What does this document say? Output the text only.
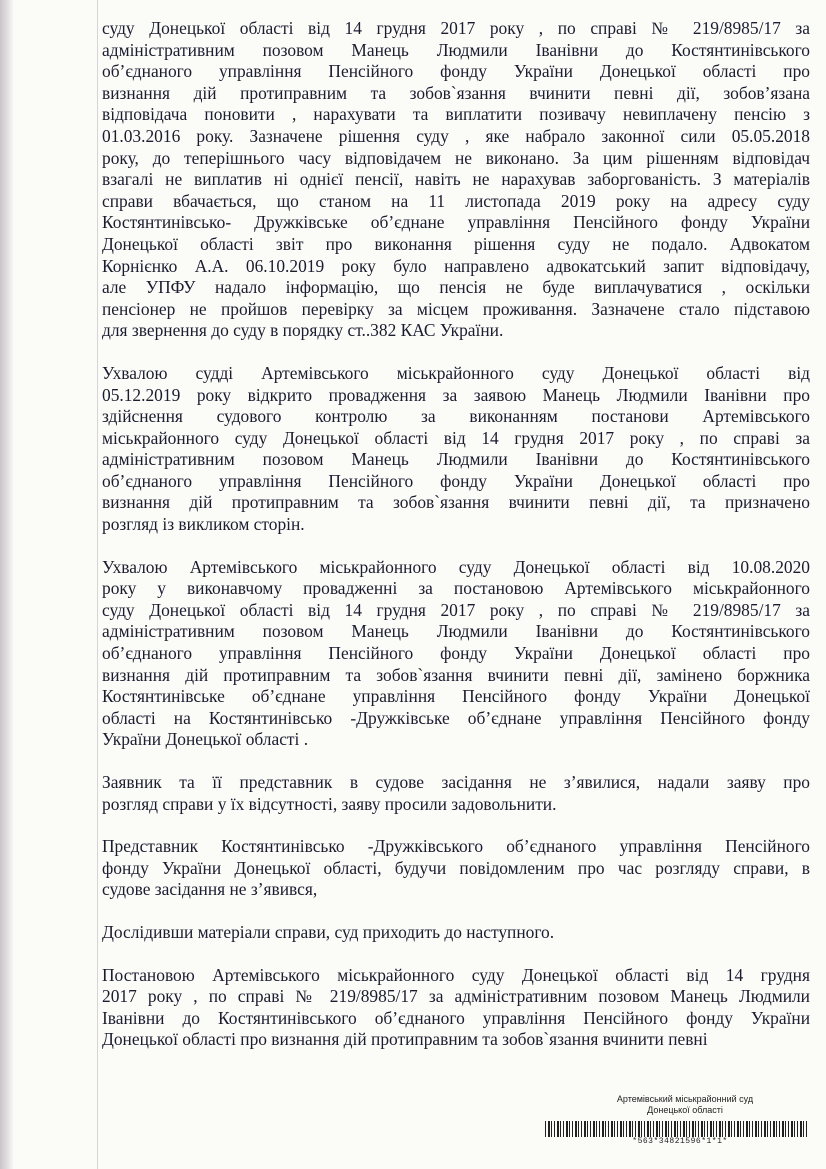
суду Донецької області від 14 грудня 2017 року , по справі № 219/8985/17 за
адміністративним позовом Манець Людмили Іванівни до Костянтинівського
об’єднаного управління Пенсійного фонду України Донецької області про
визнання дій протиправним та зобов`язання вчинити певні дії, зобов’язана
відповідача поновити , нарахувати та виплатити позивачу невиплачену пенсію з
01.03.2016 року. Зазначене рішення суду , яке набрало законної сили 05.05.2018
року, до теперішнього часу відповідачем не виконано. За цим рішенням відповідач
взагалі не виплатив ні однієї пенсії, навіть не нарахував заборгованість. З матеріалів
справи вбачається, що станом на 11 листопада 2019 року на адресу суду
Костянтинівсько- Дружківське об’єднане управління Пенсійного фонду України
Донецької області звіт про виконання рішення суду не подало. Адвокатом
Корнієнко А.А. 06.10.2019 року було направлено адвокатський запит відповідачу,
але УПФУ надало інформацію, що пенсія не буде виплачуватися , оскільки
пенсіонер не пройшов перевірку за місцем проживання. Зазначене стало підставою
для звернення до суду в порядку ст..382 КАС України.
Ухвалою судді Артемівського міськрайонного суду Донецької області від
05.12.2019 року відкрито провадження за заявою Манець Людмили Іванівни про
здійснення судового контролю за виконанням постанови Артемівського
міськрайонного суду Донецької області від 14 грудня 2017 року , по справі за
адміністративним позовом Манець Людмили Іванівни до Костянтинівського
об’єднаного управління Пенсійного фонду України Донецької області про
визнання дій протиправним та зобов`язання вчинити певні дії, та призначено
розгляд із викликом сторін.
Ухвалою Артемівського міськрайонного суду Донецької області від 10.08.2020
року у виконавчому провадженні за постановою Артемівського міськрайонного
суду Донецької області від 14 грудня 2017 року , по справі № 219/8985/17 за
адміністративним позовом Манець Людмили Іванівни до Костянтинівського
об’єднаного управління Пенсійного фонду України Донецької області про
визнання дій протиправним та зобов`язання вчинити певні дії, замінено боржника
Костянтинівське об’єднане управління Пенсійного фонду України Донецької
області на Костянтинівсько -Дружківське об’єднане управління Пенсійного фонду
України Донецької області .
Заявник та її представник в судове засідання не з’явилися, надали заяву про
розгляд справи у їх відсутності, заяву просили задовольнити.
Представник Костянтинівсько -Дружківського об’єднаного управління Пенсійного
фонду України Донецької області, будучи повідомленим про час розгляду справи, в
судове засідання не з’явився,
Дослідивши матеріали справи, суд приходить до наступного.
Постановою Артемівського міськрайонного суду Донецької області від 14 грудня
2017 року , по справі № 219/8985/17 за адміністративним позовом Манець Людмили
Іванівни до Костянтинівського об’єднаного управління Пенсійного фонду України
Донецької області про визнання дій протиправним та зобов`язання вчинити певні
Артемівський міськрайонний суд
Донецької області
*563*34821596*1*1*
